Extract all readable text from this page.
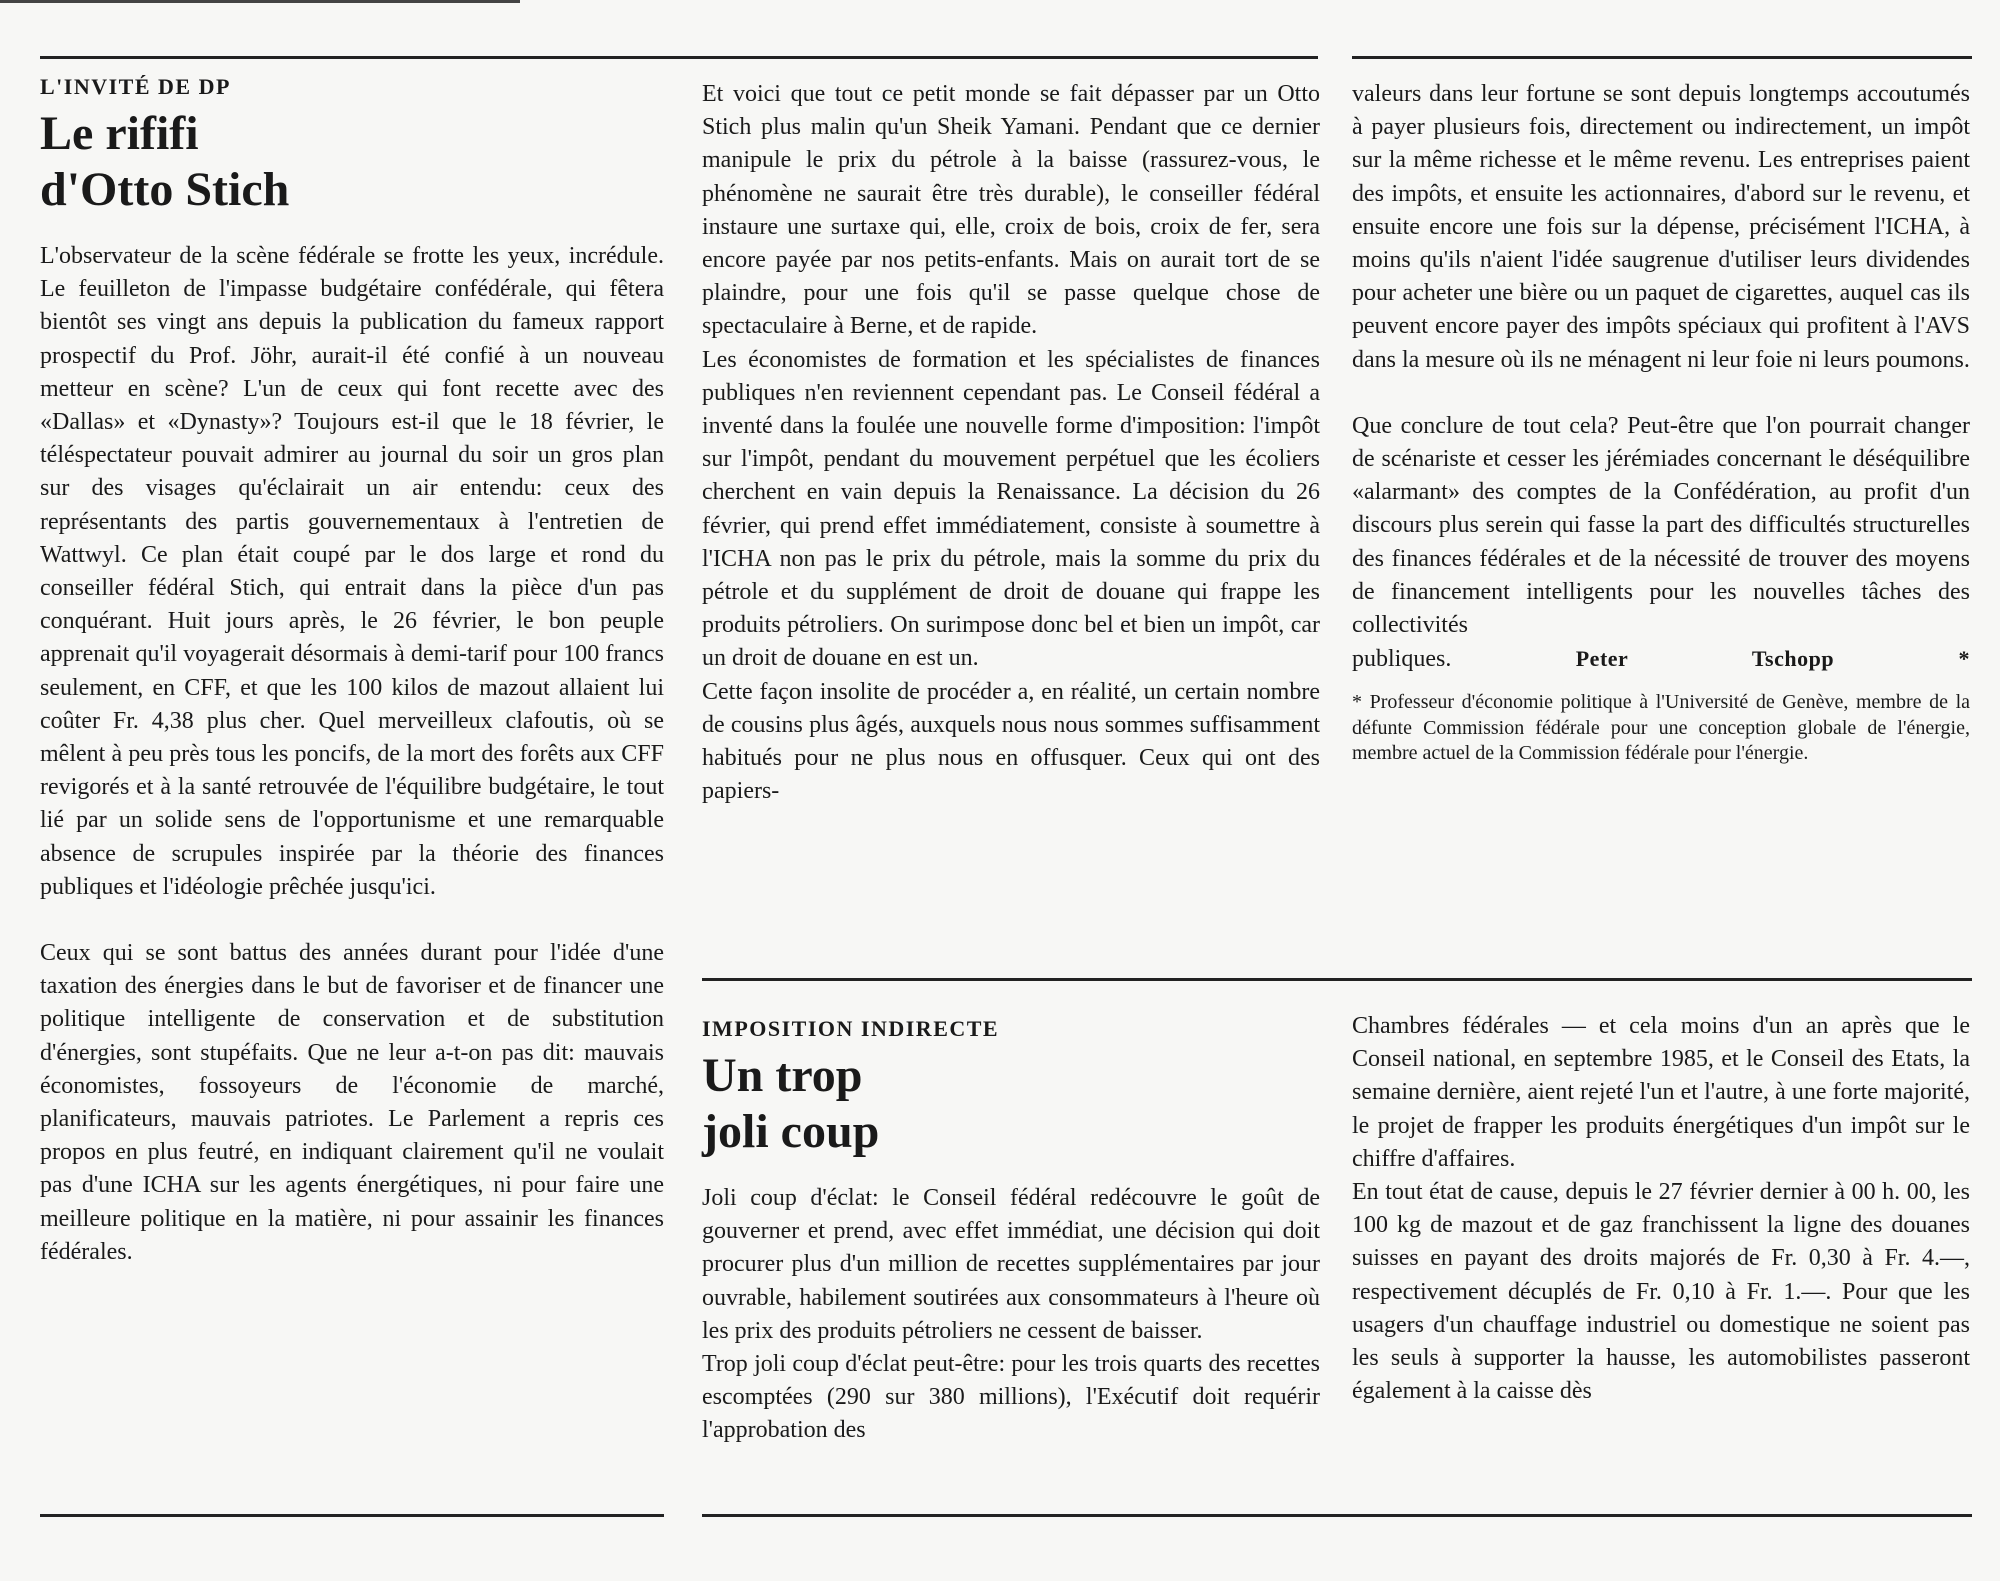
L'INVITÉ DE DP
Le rififi
d'Otto Stich

L'observateur de la scène fédérale se frotte les yeux, incrédule. Le feuilleton de l'impasse budgétaire confédérale, qui fêtera bientôt ses vingt ans depuis la publication du fameux rapport prospectif du Prof. Jöhr, aurait-il été confié à un nouveau metteur en scène? L'un de ceux qui font recette avec des «Dallas» et «Dynasty»? Toujours est-il que le 18 février, le téléspectateur pouvait admirer au journal du soir un gros plan sur des visages qu'éclairait un air entendu: ceux des représentants des partis gouvernementaux à l'entretien de Wattwyl. Ce plan était coupé par le dos large et rond du conseiller fédéral Stich, qui entrait dans la pièce d'un pas conquérant. Huit jours après, le 26 février, le bon peuple apprenait qu'il voyagerait désormais à demi-tarif pour 100 francs seulement, en CFF, et que les 100 kilos de mazout allaient lui coûter Fr. 4,38 plus cher. Quel merveilleux clafoutis, où se mêlent à peu près tous les poncifs, de la mort des forêts aux CFF revigorés et à la santé retrouvée de l'équilibre budgétaire, le tout lié par un solide sens de l'opportunisme et une remarquable absence de scrupules inspirée par la théorie des finances publiques et l'idéologie prêchée jusqu'ici.

Ceux qui se sont battus des années durant pour l'idée d'une taxation des énergies dans le but de favoriser et de financer une politique intelligente de conservation et de substitution d'énergies, sont stupéfaits. Que ne leur a-t-on pas dit: mauvais économistes, fossoyeurs de l'économie de marché, planificateurs, mauvais patriotes. Le Parlement a repris ces propos en plus feutré, en indiquant clairement qu'il ne voulait pas d'une ICHA sur les agents énergétiques, ni pour faire une meilleure politique en la matière, ni pour assainir les finances fédérales.

Et voici que tout ce petit monde se fait dépasser par un Otto Stich plus malin qu'un Sheik Yamani. Pendant que ce dernier manipule le prix du pétrole à la baisse (rassurez-vous, le phénomène ne saurait être très durable), le conseiller fédéral instaure une surtaxe qui, elle, croix de bois, croix de fer, sera encore payée par nos petits-enfants. Mais on aurait tort de se plaindre, pour une fois qu'il se passe quelque chose de spectaculaire à Berne, et de rapide.

Les économistes de formation et les spécialistes de finances publiques n'en reviennent cependant pas. Le Conseil fédéral a inventé dans la foulée une nouvelle forme d'imposition: l'impôt sur l'impôt, pendant du mouvement perpétuel que les écoliers cherchent en vain depuis la Renaissance. La décision du 26 février, qui prend effet immédiatement, consiste à soumettre à l'ICHA non pas le prix du pétrole, mais la somme du prix du pétrole et du supplément de droit de douane qui frappe les produits pétroliers. On surimpose donc bel et bien un impôt, car un droit de douane en est un.

Cette façon insolite de procéder a, en réalité, un certain nombre de cousins plus âgés, auxquels nous nous sommes suffisamment habitués pour ne plus nous en offusquer. Ceux qui ont des papiers-

valeurs dans leur fortune se sont depuis longtemps accoutumés à payer plusieurs fois, directement ou indirectement, un impôt sur la même richesse et le même revenu. Les entreprises paient des impôts, et ensuite les actionnaires, d'abord sur le revenu, et ensuite encore une fois sur la dépense, précisément l'ICHA, à moins qu'ils n'aient l'idée saugrenue d'utiliser leurs dividendes pour acheter une bière ou un paquet de cigarettes, auquel cas ils peuvent encore payer des impôts spéciaux qui profitent à l'AVS dans la mesure où ils ne ménagent ni leur foie ni leurs poumons.

Que conclure de tout cela? Peut-être que l'on pourrait changer de scénariste et cesser les jérémiades concernant le déséquilibre «alarmant» des comptes de la Confédération, au profit d'un discours plus serein qui fasse la part des difficultés structurelles des finances fédérales et de la nécessité de trouver des moyens de financement intelligents pour les nouvelles tâches des collectivités

publiques.	Peter Tschopp *

* Professeur d'économie politique à l'Université de Genève, membre de la défunte Commission fédérale pour une conception globale de l'énergie, membre actuel de la Commission fédérale pour l'énergie.

IMPOSITION INDIRECTE
Un trop
joli coup

Joli coup d'éclat: le Conseil fédéral redécouvre le goût de gouverner et prend, avec effet immédiat, une décision qui doit procurer plus d'un million de recettes supplémentaires par jour ouvrable, habilement soutirées aux consommateurs à l'heure où les prix des produits pétroliers ne cessent de baisser.

Trop joli coup d'éclat peut-être: pour les trois quarts des recettes escomptées (290 sur 380 millions), l'Exécutif doit requérir l'approbation des

Chambres fédérales — et cela moins d'un an après que le Conseil national, en septembre 1985, et le Conseil des Etats, la semaine dernière, aient rejeté l'un et l'autre, à une forte majorité, le projet de frapper les produits énergétiques d'un impôt sur le chiffre d'affaires.

En tout état de cause, depuis le 27 février dernier à 00 h. 00, les 100 kg de mazout et de gaz franchissent la ligne des douanes suisses en payant des droits majorés de Fr. 0,30 à Fr. 4.—, respectivement décuplés de Fr. 0,10 à Fr. 1.—. Pour que les usagers d'un chauffage industriel ou domestique ne soient pas les seuls à supporter la hausse, les automobilistes passeront également à la caisse dès
